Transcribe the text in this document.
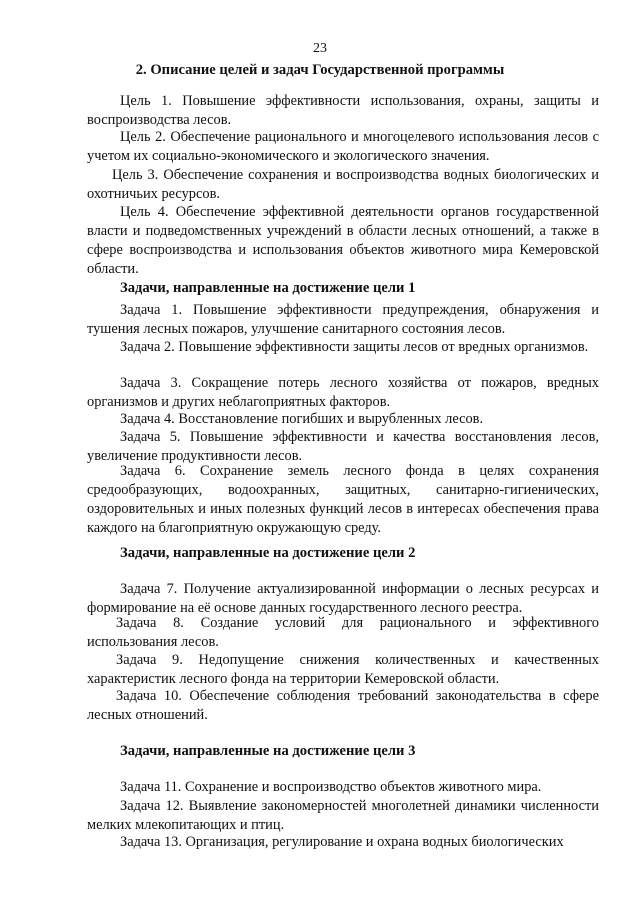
23
2. Описание целей и задач Государственной программы

Цель 1. Повышение эффективности использования, охраны, защиты и воспроизводства лесов.

Цель 2. Обеспечение рационального и многоцелевого использования лесов с учетом их социально-экономического и экологического значения.

Цель 3. Обеспечение сохранения и воспроизводства водных биологических и охотничьих ресурсов.

Цель 4. Обеспечение эффективной деятельности органов государственной власти и подведомственных учреждений в области лесных отношений, а также в сфере воспроизводства и использования объектов животного мира Кемеровской области.

Задачи, направленные на достижение цели 1

Задача 1. Повышение эффективности предупреждения, обнаружения и тушения лесных пожаров, улучшение санитарного состояния лесов.

Задача 2. Повышение эффективности защиты лесов от вредных организмов.

Задача 3. Сокращение потерь лесного хозяйства от пожаров, вредных организмов и других неблагоприятных факторов.

Задача 4. Восстановление погибших и вырубленных лесов.

Задача 5. Повышение эффективности и качества восстановления лесов, увеличение продуктивности лесов.

Задача 6. Сохранение земель лесного фонда в целях сохранения средообразующих, водоохранных, защитных, санитарно-гигиенических, оздоровительных и иных полезных функций лесов в интересах обеспечения права каждого на благоприятную окружающую среду.

Задачи, направленные на достижение цели 2

Задача 7. Получение актуализированной информации о лесных ресурсах и формирование на её основе данных государственного лесного реестра.

Задача 8. Создание условий для рационального и эффективного использования лесов.

Задача 9. Недопущение снижения количественных и качественных характеристик лесного фонда на территории Кемеровской области.

Задача 10. Обеспечение соблюдения требований законодательства в сфере лесных отношений.

Задачи, направленные на достижение цели 3

Задача 11. Сохранение и воспроизводство объектов животного мира.

Задача 12. Выявление закономерностей многолетней динамики численности мелких млекопитающих и птиц.

Задача 13. Организация, регулирование и охрана водных биологических
